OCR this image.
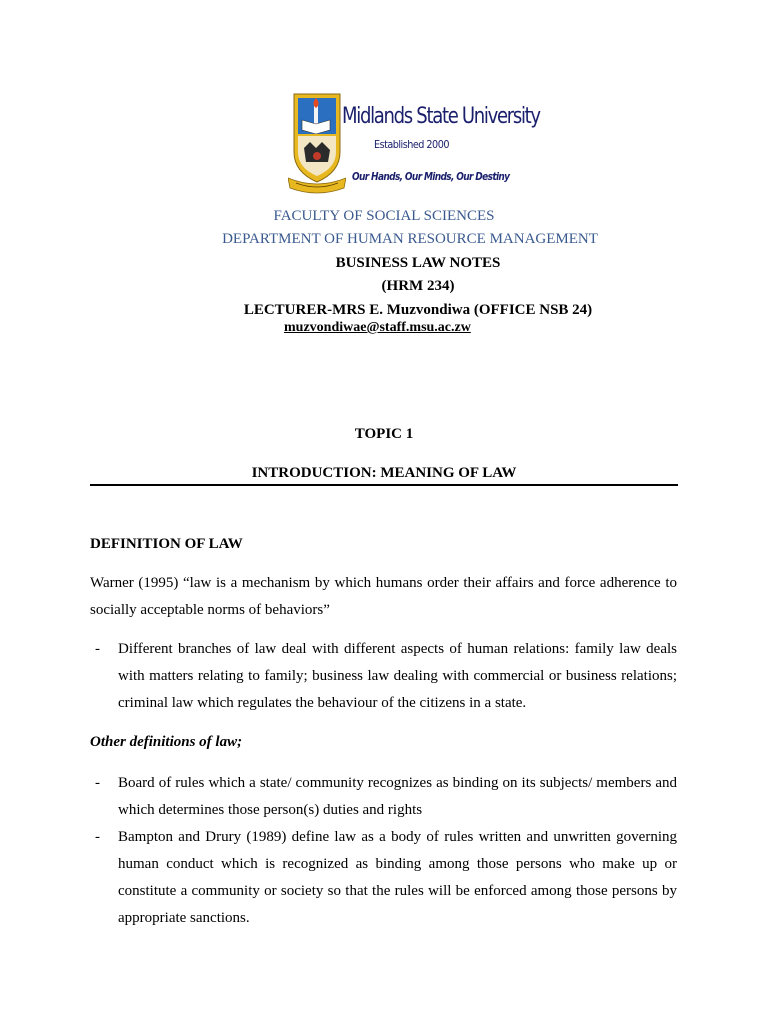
Midlands State University
Established 2000
Our Hands, Our Minds, Our Destiny
FACULTY OF SOCIAL SCIENCES
DEPARTMENT OF HUMAN RESOURCE MANAGEMENT
BUSINESS LAW NOTES
(HRM 234)
LECTURER-MRS E. Muzvondiwa (OFFICE NSB 24)
muzvondiwae@staff.msu.ac.zw
TOPIC 1
INTRODUCTION: MEANING OF LAW
DEFINITION OF LAW
Warner (1995) “law is a mechanism by which humans order their affairs and force adherence to socially acceptable norms of behaviors”
- Different branches of law deal with different aspects of human relations: family law deals with matters relating to family; business law dealing with commercial or business relations; criminal law which regulates the behaviour of the citizens in a state.
Other definitions of law;
- Board of rules which a state/ community recognizes as binding on its subjects/ members and which determines those person(s) duties and rights
- Bampton and Drury (1989) define law as a body of rules written and unwritten governing human conduct which is recognized as binding among those persons who make up or constitute a community or society so that the rules will be enforced among those persons by appropriate sanctions.
